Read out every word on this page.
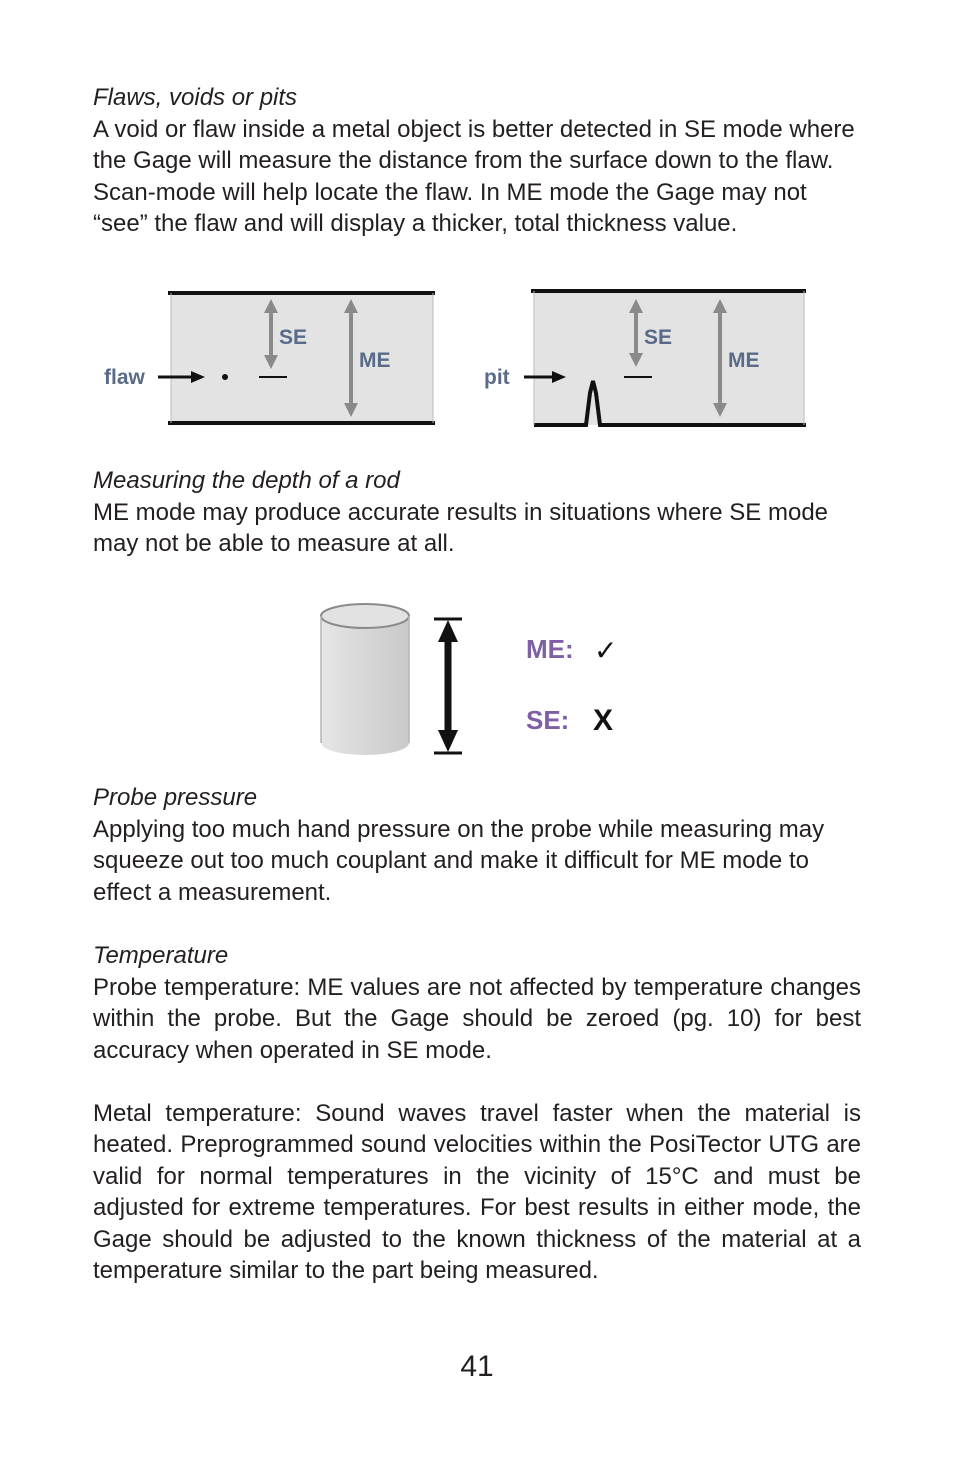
Flaws, voids or pits
A void or flaw inside a metal object is better detected in SE mode where the Gage will measure the distance from the surface down to the flaw. Scan-mode will help locate the flaw. In ME mode the Gage may not “see” the flaw and will display a thicker, total thickness value.
SE
ME
flaw
SE
ME
pit
Measuring the depth of a rod
ME mode may produce accurate results in situations where SE mode may not be able to measure at all.
ME: ✓
SE: X
Probe pressure
Applying too much hand pressure on the probe while measuring may squeeze out too much couplant and make it difficult for ME mode to effect a measurement.
Temperature
Probe temperature: ME values are not affected by temperature changes within the probe. But the Gage should be zeroed (pg. 10) for best accuracy when operated in SE mode.
Metal temperature: Sound waves travel faster when the material is heated. Preprogrammed sound velocities within the PosiTector UTG are valid for normal temperatures in the vicinity of 15°C and must be adjusted for extreme temperatures. For best results in either mode, the Gage should be adjusted to the known thickness of the material at a temperature similar to the part being measured.
41
